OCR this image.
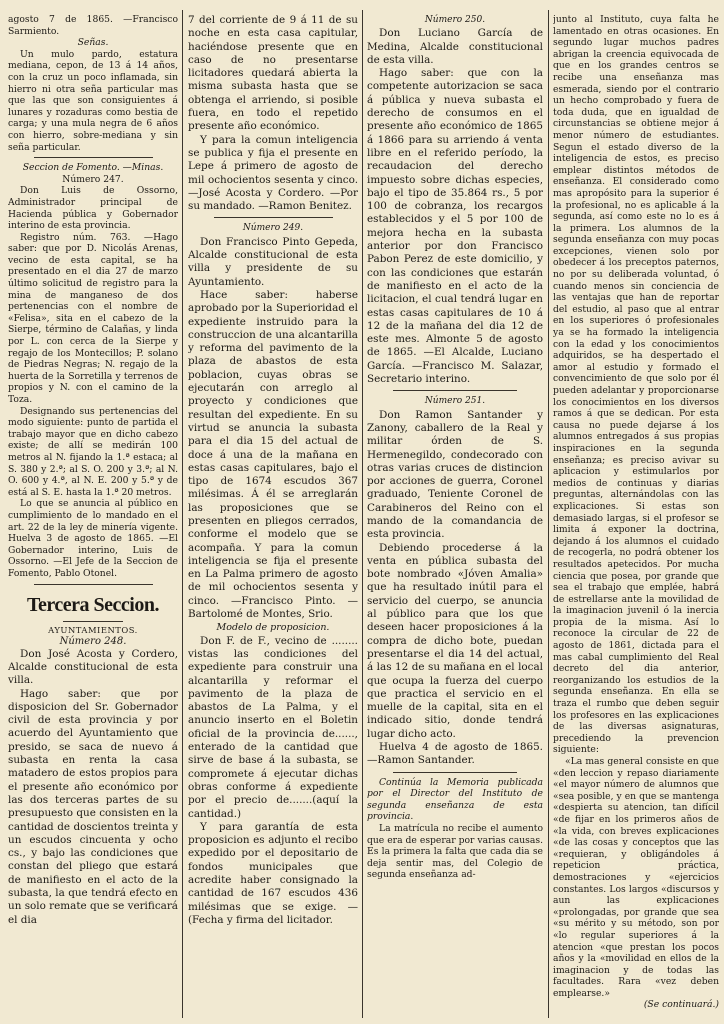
agosto 7 de 1865. —Francisco Sarmiento.

Señas.

Un mulo pardo, estatura mediana, cepon, de 13 á 14 años, con la cruz un poco inflamada, sin hierro ni otra seña particular mas que las que son consiguientes á lunares y rozaduras como bestia de carga; y una mula negra de 6 años con hierro, sobre-mediana y sin seña particular.

Seccion de Fomento. —Minas.

Número 247.

Don Luis de Ossorno, Administrador principal de Hacienda pública y Gobernador interino de esta provincia.

Registro núm. 763. —Hago saber: que por D. Nicolás Arenas, vecino de esta capital, se ha presentado en el dia 27 de marzo último solicitud de registro para la mina de manganeso de dos pertenencias con el nombre de «Felisa», sita en el cabezo de la Sierpe, término de Calañas, y linda por L. con cerca de la Sierpe y regajo de los Montecillos; P. solano de Piedras Negras; N. regajo de la huerta de la Sorretilla y terrenos de propios y N. con el camino de la Toza.

Designando sus pertenencias del modo siguiente: punto de partida el trabajo mayor que en dicho cabezo existe; de allí se medirán 100 metros al N. fijando la 1.ª estaca; al S. 380 y 2.ª; al S. O. 200 y 3.ª; al N. O. 600 y 4.ª, al N. E. 200 y 5.ª y de está al S. E. hasta la 1.ª 20 metros.

Lo que se anuncia al público en cumplimiento de lo mandado en el art. 22 de la ley de minería vigente. Huelva 3 de agosto de 1865. —El Gobernador interino, Luis de Ossorno. —El Jefe de la Seccion de Fomento, Pablo Otonel.

Tercera Seccion.

AYUNTAMIENTOS.

Número 248.

Don José Acosta y Cordero, Alcalde constitucional de esta villa.

Hago saber: que por disposicion del Sr. Gobernador civil de esta provincia y por acuerdo del Ayuntamiento que presido, se saca de nuevo á subasta en renta la casa matadero de estos propios para el presente año económico por las dos terceras partes de su presupuesto que consisten en la cantidad de doscientos treinta y un escudos cincuenta y ocho cs., y bajo las condiciones que constan del pliego que estará de manifiesto en el acto de la subasta, la que tendrá efecto en un solo remate que se verificará el dia

7 del corriente de 9 á 11 de su noche en esta casa capitular, haciéndose presente que en caso de no presentarse licitadores quedará abierta la misma subasta hasta que se obtenga el arriendo, si posible fuera, en todo el repetido presente año económico.

Y para la comun inteligencia se publica y fija el presente en Lepe á primero de agosto de mil ochocientos sesenta y cinco. —José Acosta y Cordero. —Por su mandado. —Ramon Benitez.

Número 249.

Don Francisco Pinto Gepeda, Alcalde constitucional de esta villa y presidente de su Ayuntamiento.

Hace saber: haberse aprobado por la Superioridad el expediente instruido para la construccion de una alcantarilla y reforma del pavimento de la plaza de abastos de esta poblacion, cuyas obras se ejecutarán con arreglo al proyecto y condiciones que resultan del expediente. En su virtud se anuncia la subasta para el dia 15 del actual de doce á una de la mañana en estas casas capitulares, bajo el tipo de 1674 escudos 367 milésimas. Á él se arreglarán las proposiciones que se presenten en pliegos cerrados, conforme el modelo que se acompaña. Y para la comun inteligencia se fija el presente en La Palma primero de agosto de mil ochocientos sesenta y cinco. —Francisco Pinto. —Bartolomé de Montes, Srio.

Modelo de proposicion.

Don F. de F., vecino de ........ vistas las condiciones del expediente para construir una alcantarilla y reformar el pavimento de la plaza de abastos de La Palma, y el anuncio inserto en el Boletin oficial de la provincia de......, enterado de la cantidad que sirve de base á la subasta, se compromete á ejecutar dichas obras conforme á expediente por el precio de.......(aquí la cantidad.)

Y para garantía de esta proposicion es adjunto el recibo expedido por el depositario de fondos municipales que acredite haber consignado la cantidad de 167 escudos 436 milésimas que se exige. —(Fecha y firma del licitador.

Número 250.

Don Luciano García de Medina, Alcalde constitucional de esta villa.

Hago saber: que con la competente autorizacion se saca á pública y nueva subasta el derecho de consumos en el presente año económico de 1865 á 1866 para su arriendo á venta libre en el referido período, la recaudacion del derecho impuesto sobre dichas especies, bajo el tipo de 35.864 rs., 5 por 100 de cobranza, los recargos establecidos y el 5 por 100 de mejora hecha en la subasta anterior por don Francisco Pabon Perez de este domicilio, y con las condiciones que estarán de manifiesto en el acto de la licitacion, el cual tendrá lugar en estas casas capitulares de 10 á 12 de la mañana del dia 12 de este mes. Almonte 5 de agosto de 1865. —El Alcalde, Luciano García. —Francisco M. Salazar, Secretario interino.

Número 251.

Don Ramon Santander y Zanony, caballero de la Real y militar órden de S. Hermenegildo, condecorado con otras varias cruces de distincion por acciones de guerra, Coronel graduado, Teniente Coronel de Carabineros del Reino con el mando de la comandancia de esta provincia.

Debiendo procederse á la venta en pública subasta del bote nombrado «Jóven Amalia» que ha resultado inútil para el servicio del cuerpo, se anuncia al público para que los que deseen hacer proposiciones á la compra de dicho bote, puedan presentarse el dia 14 del actual, á las 12 de su mañana en el local que ocupa la fuerza del cuerpo que practica el servicio en el muelle de la capital, sita en el indicado sitio, donde tendrá lugar dicho acto.

Huelva 4 de agosto de 1865. —Ramon Santander.

Continúa la Memoria publicada por el Director del Instituto de segunda enseñanza de esta provincia.

La matrícula no recibe el aumento que era de esperar por varias causas. Es la primera la falta que cada dia se deja sentir mas, del Colegio de segunda enseñanza ad-

junto al Instituto, cuya falta he lamentado en otras ocasiones. En segundo lugar muchos padres abrigan la creencia equivocada de que en los grandes centros se recibe una enseñanza mas esmerada, siendo por el contrario un hecho comprobado y fuera de toda duda, que en igualdad de circunstancias se obtiene mejor á menor número de estudiantes. Segun el estado diverso de la inteligencia de estos, es preciso emplear distintos métodos de enseñanza. El considerado como mas apropósito para la superior é la profesional, no es aplicable á la segunda, así como este no lo es á la primera. Los alumnos de la segunda enseñanza con muy pocas excepciones, vienen solo por obedecer á los preceptos paternos, no por su deliberada voluntad, ó cuando menos sin conciencia de las ventajas que han de reportar del estudio, al paso que al entrar en los superiores ó profesionales ya se ha formado la inteligencia con la edad y los conocimientos adquiridos, se ha despertado el amor al estudio y formado el convencimiento de que solo por él pueden adelantar y proporcionarse los conocimientos en los diversos ramos á que se dedican. Por esta causa no puede dejarse á los alumnos entregados á sus propias inspiraciones en la segunda enseñanza; es preciso avivar su aplicacion y estimularlos por medios de continuas y diarias preguntas, alternándolas con las explicaciones. Si estas son demasiado largas, si el profesor se limita á exponer la doctrina, dejando á los alumnos el cuidado de recogerla, no podrá obtener los resultados apetecidos. Por mucha ciencia que posea, por grande que sea el trabajo que emplée, habrá de estrellarse ante la movilidad de la imaginacion juvenil ó la inercia propia de la misma. Así lo reconoce la circular de 22 de agosto de 1861, dictada para el mas cabal cumplimiento del Real decreto del dia anterior, reorganizando los estudios de la segunda enseñanza. En ella se traza el rumbo que deben seguir los profesores en las explicaciones de las diversas asignaturas, precediendo la prevencion siguiente:

«La mas general consiste en que «den leccion y repaso diariamente «el mayor número de alumnos que «sea posible, y en que se mantenga «despierta su atencion, tan difícil «de fijar en los primeros años de «la vida, con breves explicaciones «de las cosas y conceptos que las «requieran, y obligándoles á repeticion práctica, demostraciones y «ejercicios constantes. Los largos «discursos y aun las explicaciones «prolongadas, por grande que sea «su mérito y su método, son por «lo regular superiores á la atencion «que prestan los pocos años y la «movilidad en ellos de la imaginacion y de todas las facultades. Rara «vez deben emplearse.»

(Se continuará.)
